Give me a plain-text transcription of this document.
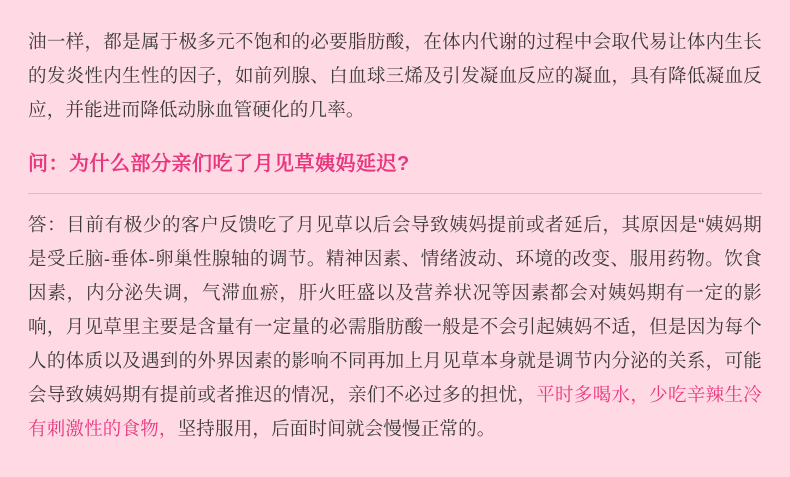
油一样，都是属于极多元不饱和的必要脂肪酸，在体内代谢的过程中会取代易让体内生长的发炎性内生性的因子，如前列腺、白血球三烯及引发凝血反应的凝血，具有降低凝血反应，并能进而降低动脉血管硬化的几率。

问：为什么部分亲们吃了月见草姨妈延迟?

答：目前有极少的客户反馈吃了月见草以后会导致姨妈提前或者延后，其原因是“姨妈期是受丘脑-垂体-卵巢性腺轴的调节。精神因素、情绪波动、环境的改变、服用药物。饮食因素，内分泌失调，气滞血瘀，肝火旺盛以及营养状况等因素都会对姨妈期有一定的影响，月见草里主要是含量有一定量的必需脂肪酸一般是不会引起姨妈不适，但是因为每个人的体质以及遇到的外界因素的影响不同再加上月见草本身就是调节内分泌的关系，可能会导致姨妈期有提前或者推迟的情况，亲们不必过多的担忧，平时多喝水，少吃辛辣生冷有刺激性的食物，坚持服用，后面时间就会慢慢正常的。
